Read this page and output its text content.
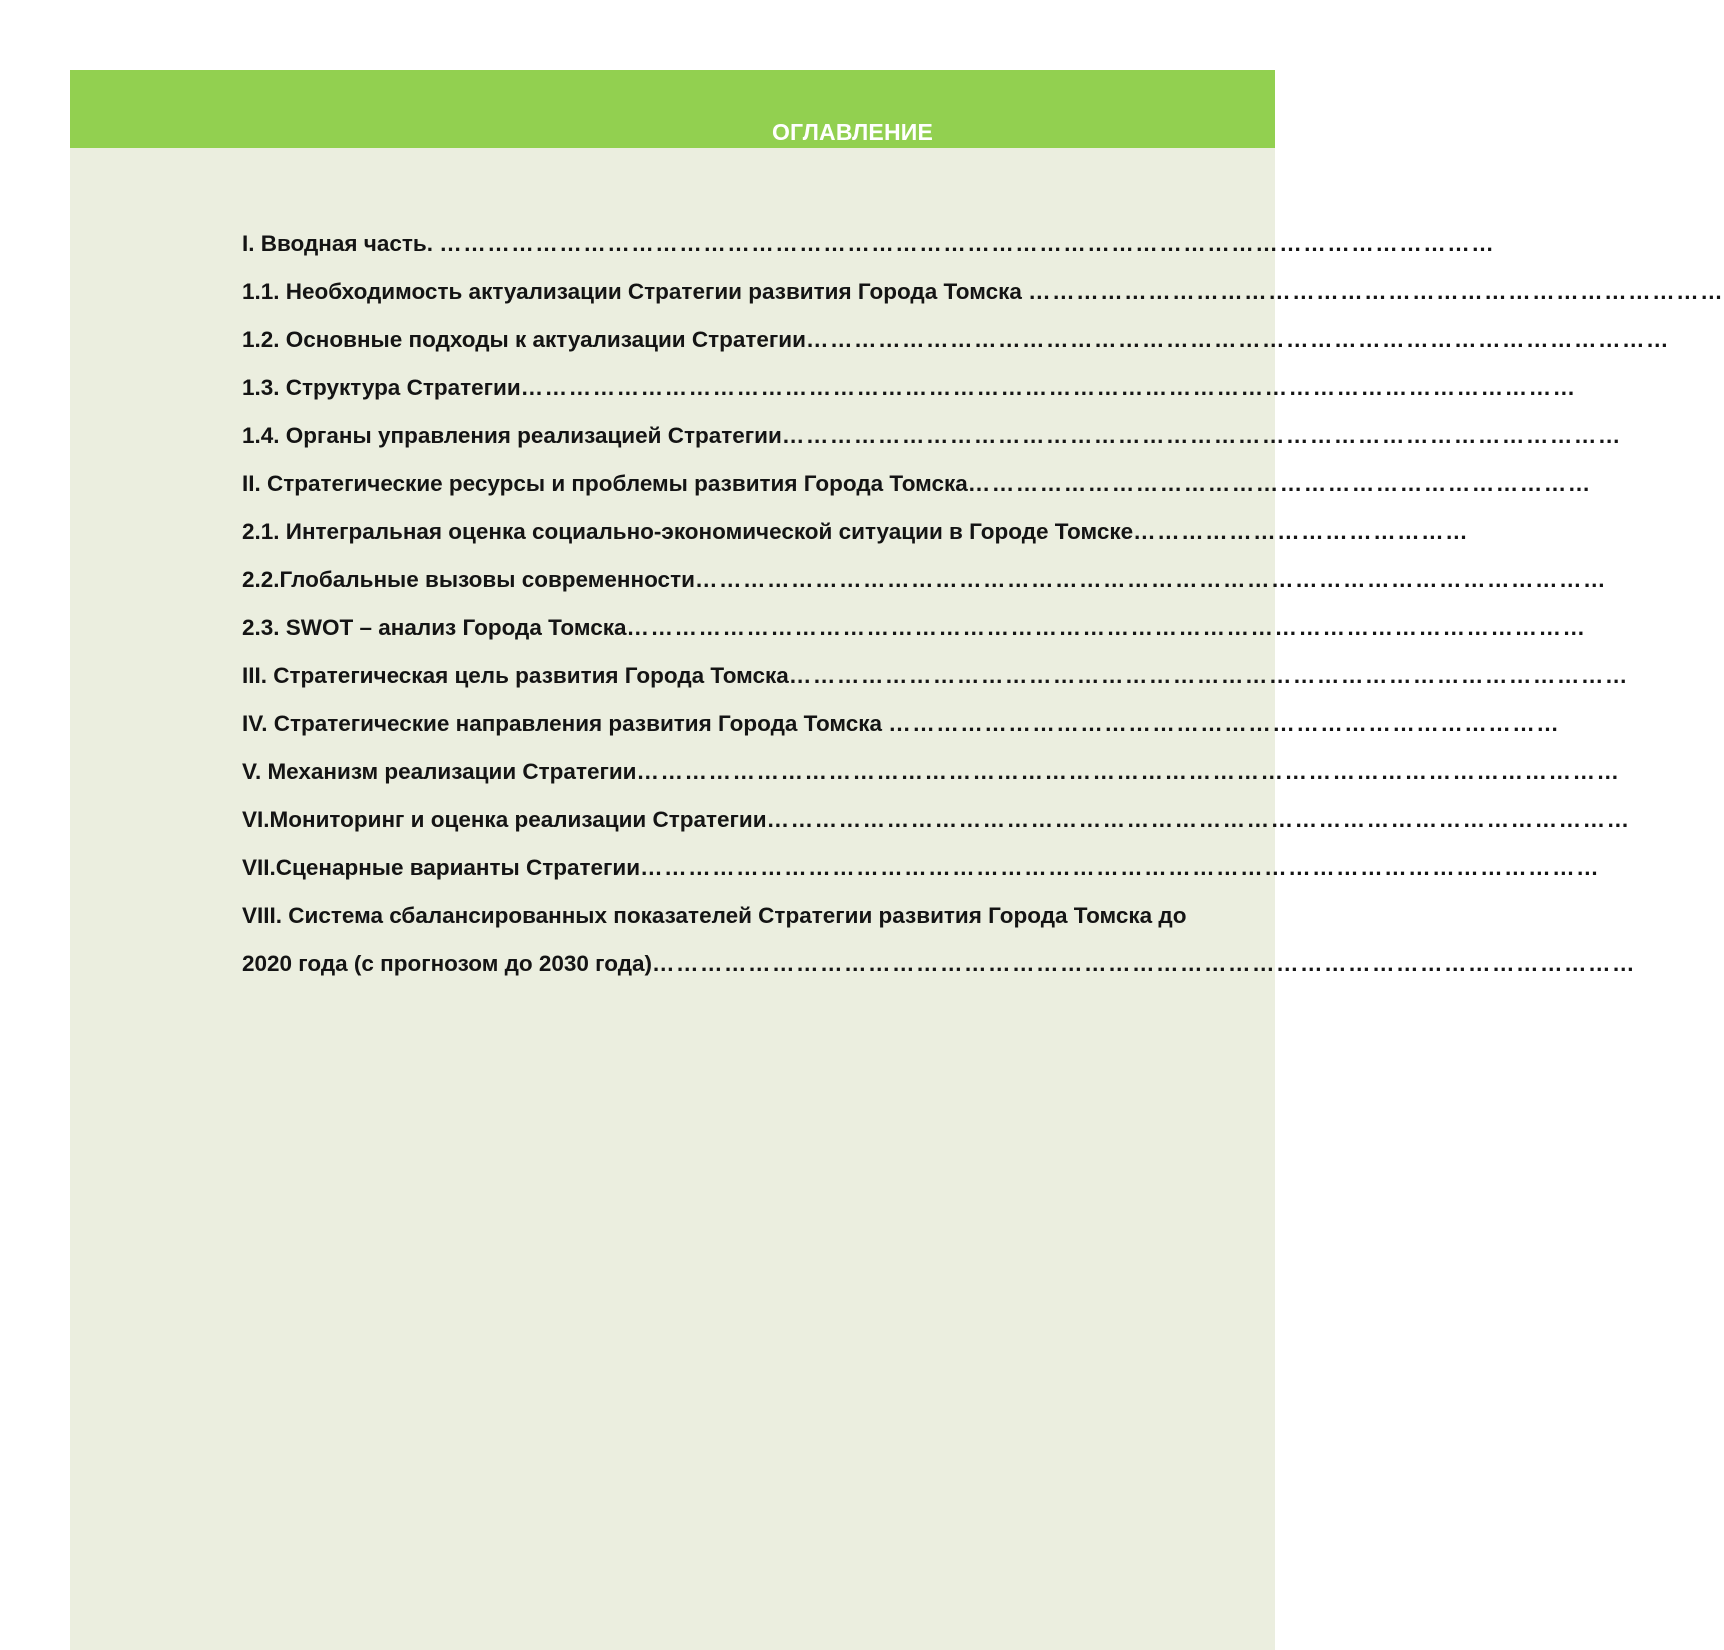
ОГЛАВЛЕНИЕ
I. Вводная часть. ……………………………………………………………………………………………………………………
1.1. Необходимость актуализации Стратегии развития Города Томска ……………………………………………………………………………
1.2. Основные подходы к актуализации Стратегии………………………………………………………………………………………………
1.3. Структура Стратегии……………………………………………………………………………………………………………………
1.4. Органы управления реализацией Стратегии……………………………………………………………………………………………
II. Стратегические ресурсы и проблемы развития Города Томска……………………………………………………………………
2.1. Интегральная оценка социально-экономической ситуации в Городе Томске……………………………………
2.2.Глобальные вызовы современности……………………………………………………………………………………………………
2.3. SWOT – анализ Города Томска…………………………………………………………………………………………………………
III. Стратегическая цель развития Города Томска……………………………………………………………………………………………
IV. Стратегические направления развития Города Томска …………………………………………………………………………
V. Механизм реализации Стратегии……………………………………………………………………………………………………………
VI.Мониторинг и оценка реализации Стратегии………………………………………………………………………………………………
VII.Сценарные варианты Стратегии…………………………………………………………………………………………………………
VIII. Система сбалансированных показателей Стратегии развития Города Томска до
2020 года (с прогнозом до 2030 года)……………………………………………………………………………………………………………
